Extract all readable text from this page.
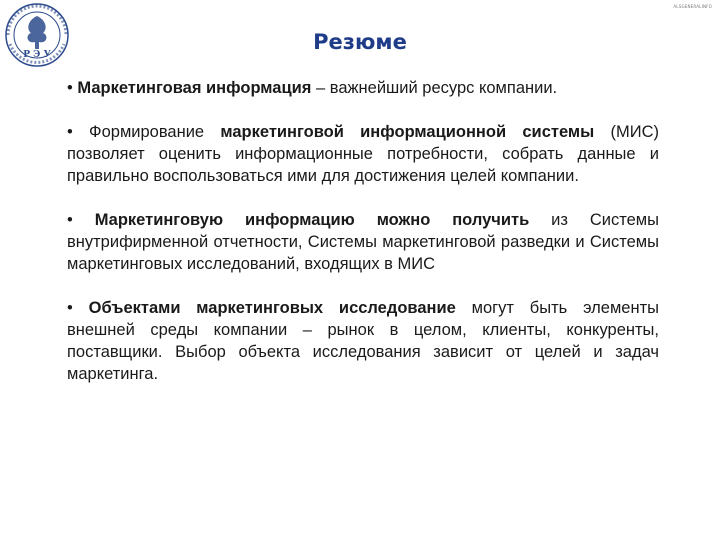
Р Э У
ALSGENERALINFO
Резюме

• Маркетинговая информация – важнейший ресурс компании.

• Формирование маркетинговой информационной системы (МИС) позволяет оценить информационные потребности, собрать данные и правильно воспользоваться ими для достижения целей компании.

• Маркетинговую информацию можно получить из Системы внутрифирменной отчетности, Системы маркетинговой разведки и Системы маркетинговых исследований, входящих в МИС

• Объектами маркетинговых исследование могут быть элементы внешней среды компании – рынок в целом, клиенты, конкуренты, поставщики. Выбор объекта исследования зависит от целей и задач маркетинга.
